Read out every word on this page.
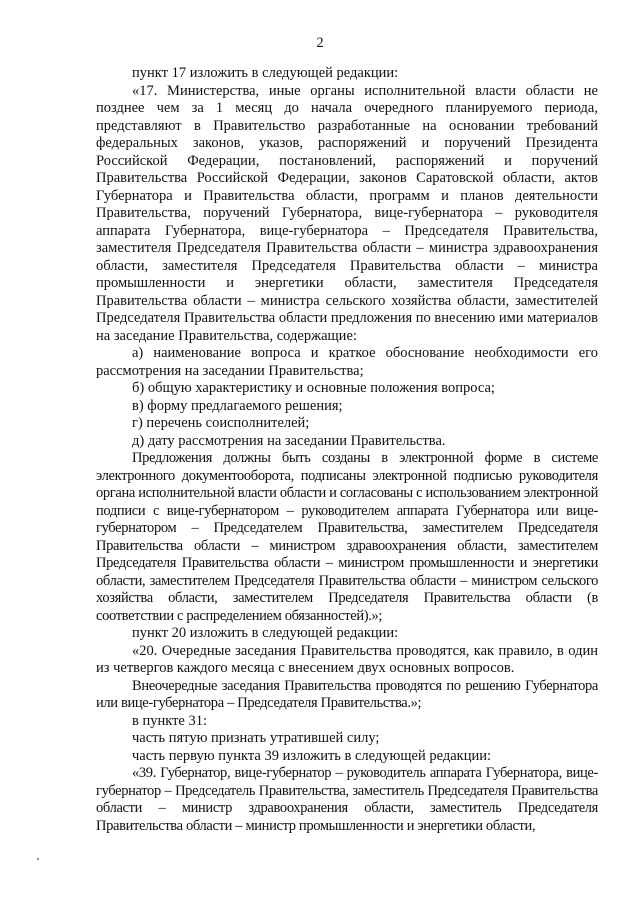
2

пункт 17 изложить в следующей редакции:

«17. Министерства, иные органы исполнительной власти области не позднее чем за 1 месяц до начала очередного планируемого периода, представляют в Правительство разработанные на основании требований федеральных законов, указов, распоряжений и поручений Президента Российской Федерации, постановлений, распоряжений и поручений Правительства Российской Федерации, законов Саратовской области, актов Губернатора и Правительства области, программ и планов деятельности Правительства, поручений Губернатора, вице-губернатора – руководителя аппарата Губернатора, вице-губернатора – Председателя Правительства, заместителя Председателя Правительства области – министра здравоохранения области, заместителя Председателя Правительства области – министра промышленности и энергетики области, заместителя Председателя Правительства области – министра сельского хозяйства области, заместителей Председателя Правительства области предложения по внесению ими материалов на заседание Правительства, содержащие:

а) наименование вопроса и краткое обоснование необходимости его рассмотрения на заседании Правительства;

б) общую характеристику и основные положения вопроса;

в) форму предлагаемого решения;

г) перечень соисполнителей;

д) дату рассмотрения на заседании Правительства.

Предложения должны быть созданы в электронной форме в системе электронного документооборота, подписаны электронной подписью руководителя органа исполнительной власти области и согласованы с использованием электронной подписи с вице-губернатором – руководителем аппарата Губернатора или вице-губернатором – Председателем Правительства, заместителем Председателя Правительства области – министром здравоохранения области, заместителем Председателя Правительства области – министром промышленности и энергетики области, заместителем Председателя Правительства области – министром сельского хозяйства области, заместителем Председателя Правительства области (в соответствии с распределением обязанностей).»;

пункт 20 изложить в следующей редакции:

«20. Очередные заседания Правительства проводятся, как правило, в один из четвергов каждого месяца с внесением двух основных вопросов.

Внеочередные заседания Правительства проводятся по решению Губернатора или вице-губернатора – Председателя Правительства.»;

в пункте 31:

часть пятую признать утратившей силу;

часть первую пункта 39 изложить в следующей редакции:

«39. Губернатор, вице-губернатор – руководитель аппарата Губернатора, вице-губернатор – Председатель Правительства, заместитель Председателя Правительства области – министр здравоохранения области, заместитель Председателя Правительства области – министр промышленности и энергетики области,
